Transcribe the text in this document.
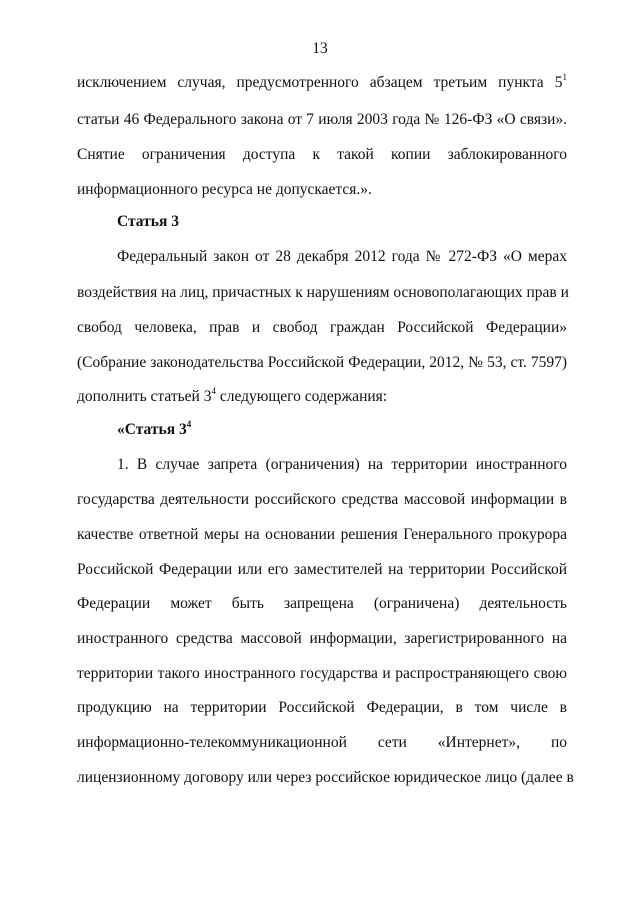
13
исключением случая, предусмотренного абзацем третьим пункта $5^1$
статьи 46 Федерального закона от 7 июля 2003 года № 126-ФЗ «О связи».
Снятие ограничения доступа к такой копии заблокированного
информационного ресурса не допускается.».
Статья 3
Федеральный закон от 28 декабря 2012 года № 272-ФЗ «О мерах
воздействия на лиц, причастных к нарушениям основополагающих прав и
свобод человека, прав и свобод граждан Российской Федерации»
(Собрание законодательства Российской Федерации, 2012, № 53, ст. 7597)
дополнить статьей $3^4$ следующего содержания:
«Статья $3^4$
1. В случае запрета (ограничения) на территории иностранного
государства деятельности российского средства массовой информации в
качестве ответной меры на основании решения Генерального прокурора
Российской Федерации или его заместителей на территории Российской
Федерации может быть запрещена (ограничена) деятельность
иностранного средства массовой информации, зарегистрированного на
территории такого иностранного государства и распространяющего свою
продукцию на территории Российской Федерации, в том числе в
информационно-телекоммуникационной сети «Интернет», по
лицензионному договору или через российское юридическое лицо (далее в
